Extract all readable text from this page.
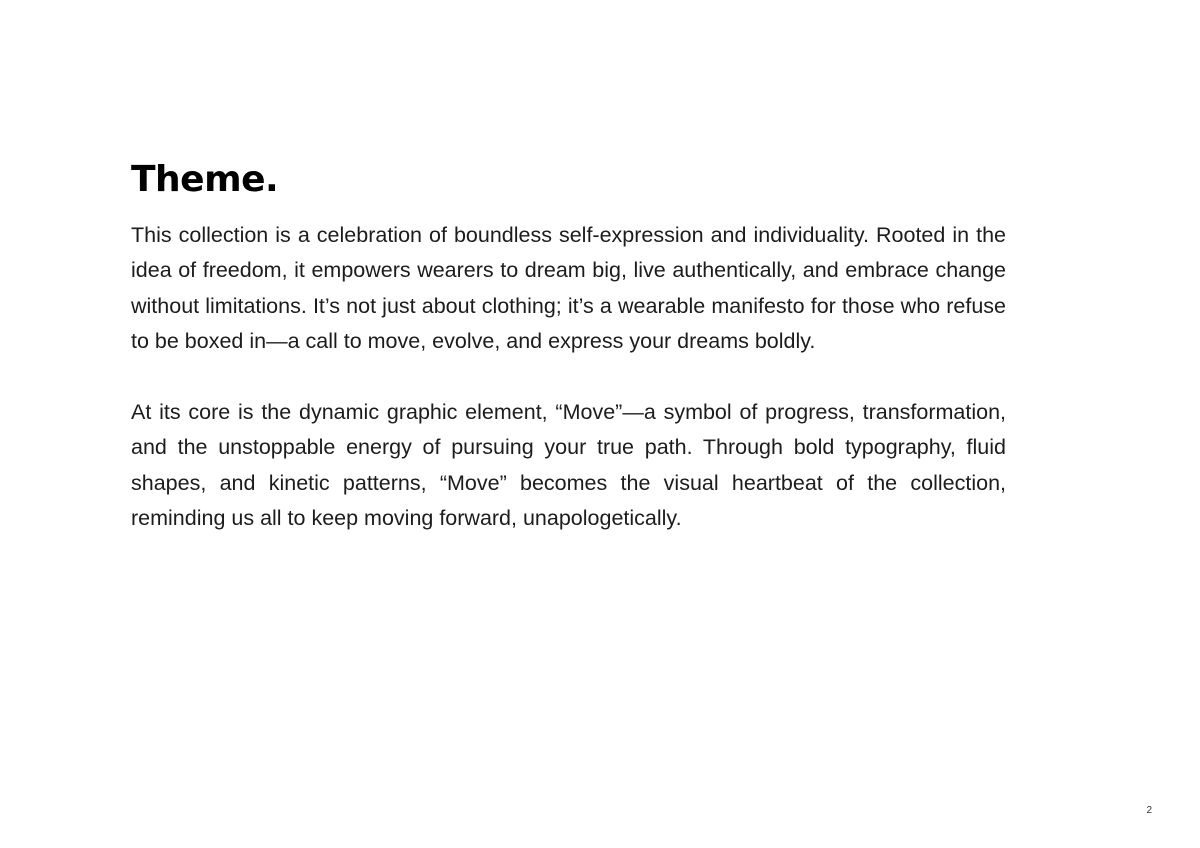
Theme.

This collection is a celebration of boundless self-expression and individuality. Rooted in the idea of freedom, it empowers wearers to dream big, live authentically, and embrace change without limitations. It’s not just about clothing; it’s a wearable manifesto for those who refuse to be boxed in—a call to move, evolve, and express your dreams boldly.

At its core is the dynamic graphic element, “Move”—a symbol of progress, transformation, and the unstoppable energy of pursuing your true path. Through bold typography, fluid shapes, and kinetic patterns, “Move” becomes the visual heartbeat of the collection, reminding us all to keep moving forward, unapologetically.

2
